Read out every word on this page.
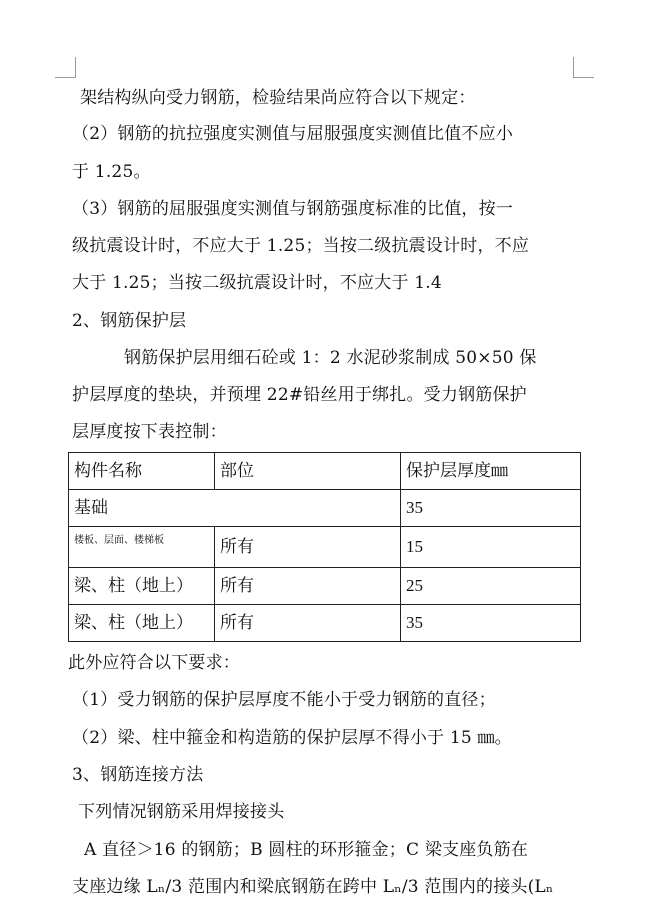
架结构纵向受力钢筋，检验结果尚应符合以下规定：
（2）钢筋的抗拉强度实测值与屈服强度实测值比值不应小
于 1.25。
（3）钢筋的屈服强度实测值与钢筋强度标准的比值，按一
级抗震设计时，不应大于 1.25；当按二级抗震设计时，不应
大于 1.25；当按二级抗震设计时，不应大于 1.4
2、钢筋保护层
钢筋保护层用细石砼或 1：2 水泥砂浆制成 50×50 保
护层厚度的垫块，并预埋 22#铅丝用于绑扎。受力钢筋保护
层厚度按下表控制：
构件名称	部位	保护层厚度㎜
基础		35
楼板、层面、楼梯板	所有	15
梁、柱（地上）	所有	25
梁、柱（地上）	所有	35
此外应符合以下要求：
（1）受力钢筋的保护层厚度不能小于受力钢筋的直径；
（2）梁、柱中箍金和构造筋的保护层厚不得小于 15 ㎜。
3、钢筋连接方法
下列情况钢筋采用焊接接头
A 直径＞16 的钢筋；B 圆柱的环形箍金；C 梁支座负筋在
支座边缘 Lₙ/3 范围内和梁底钢筋在跨中 Lₙ/3 范围内的接头(Lₙ
